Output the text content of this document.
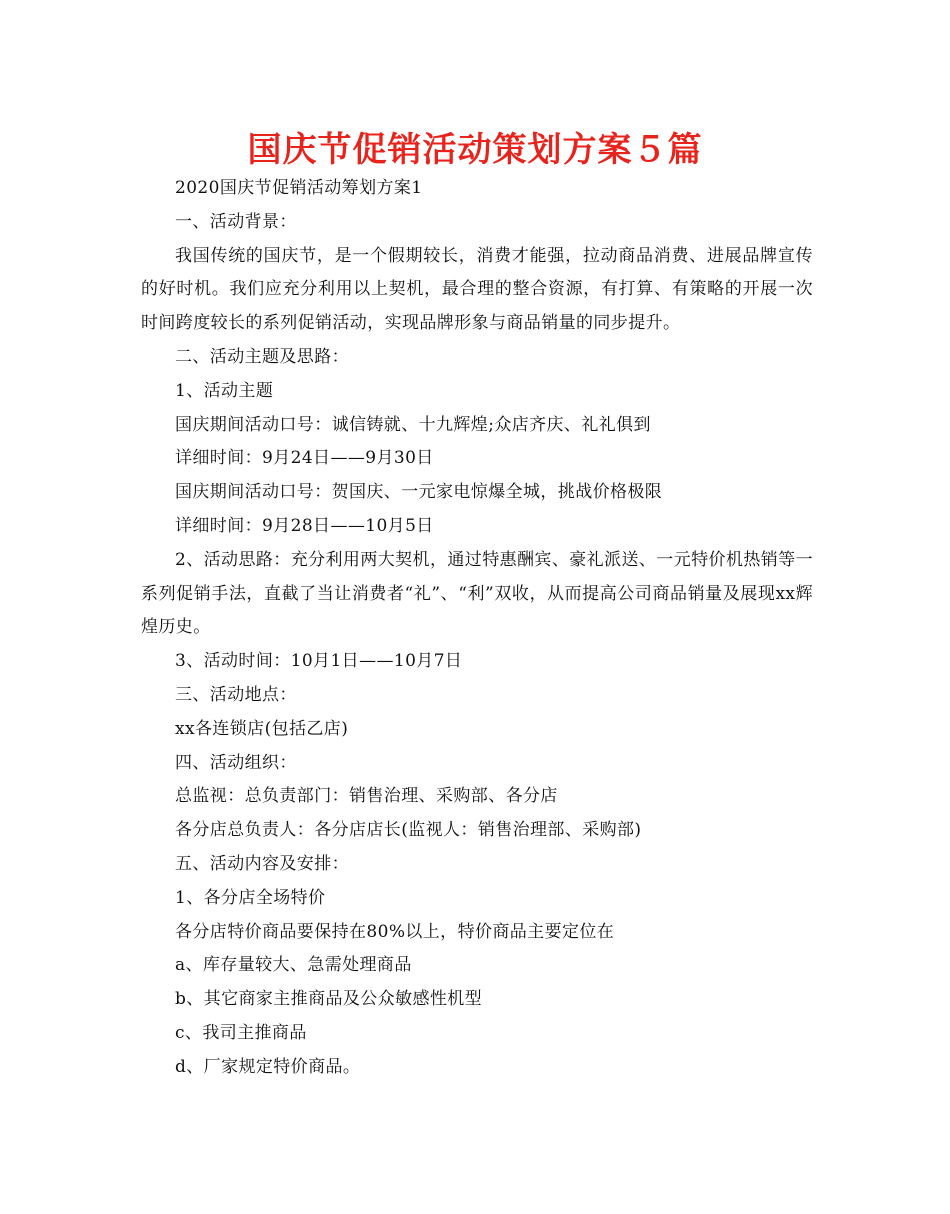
国庆节促销活动策划方案５篇

2020国庆节促销活动筹划方案1

一、活动背景：

我国传统的国庆节，是一个假期较长，消费才能强，拉动商品消费、进展品牌宣传的好时机。我们应充分利用以上契机，最合理的整合资源，有打算、有策略的开展一次时间跨度较长的系列促销活动，实现品牌形象与商品销量的同步提升。

二、活动主题及思路：

1、活动主题

国庆期间活动口号：诚信铸就、十九辉煌;众店齐庆、礼礼俱到

详细时间：9月24日——9月30日

国庆期间活动口号：贺国庆、一元家电惊爆全城，挑战价格极限

详细时间：9月28日——10月5日

2、活动思路：充分利用两大契机，通过特惠酬宾、豪礼派送、一元特价机热销等一系列促销手法，直截了当让消费者“礼”、“利”双收，从而提高公司商品销量及展现xx辉煌历史。

3、活动时间：10月1日——10月7日

三、活动地点：

xx各连锁店(包括乙店)

四、活动组织：

总监视：总负责部门：销售治理、采购部、各分店

各分店总负责人：各分店店长(监视人：销售治理部、采购部)

五、活动内容及安排：

1、各分店全场特价

各分店特价商品要保持在80%以上，特价商品主要定位在

a、库存量较大、急需处理商品

b、其它商家主推商品及公众敏感性机型

c、我司主推商品

d、厂家规定特价商品。
